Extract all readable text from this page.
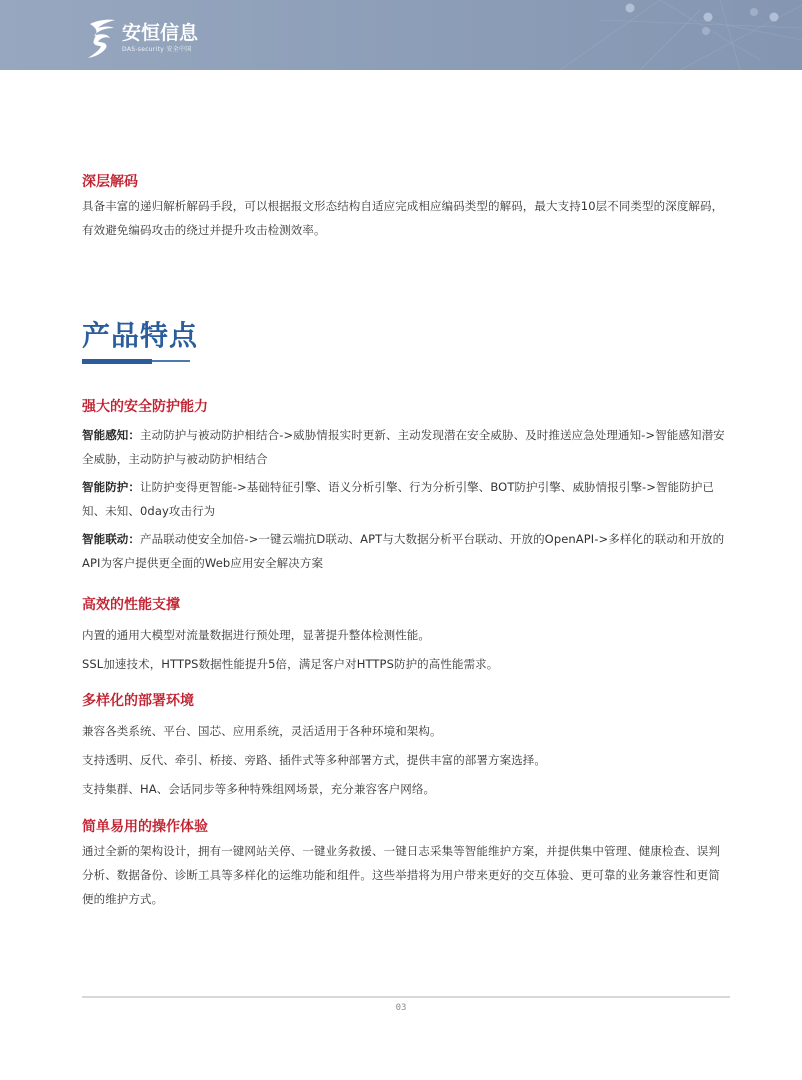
安恒信息
DAS-security 安全中国
深层解码

具备丰富的递归解析解码手段，可以根据报文形态结构自适应完成相应编码类型的解码，最大支持10层不同类型的深度解码，有效避免编码攻击的绕过并提升攻击检测效率。

产品特点
强大的安全防护能力

智能感知：主动防护与被动防护相结合->威胁情报实时更新、主动发现潜在安全威胁、及时推送应急处理通知->智能感知潜安全威胁，主动防护与被动防护相结合

智能防护：让防护变得更智能->基础特征引擎、语义分析引擎、行为分析引擎、BOT防护引擎、威胁情报引擎->智能防护已知、未知、0day攻击行为

智能联动：产品联动使安全加倍->一键云端抗D联动、APT与大数据分析平台联动、开放的OpenAPI->多样化的联动和开放的API为客户提供更全面的Web应用安全解决方案

高效的性能支撑

内置的通用大模型对流量数据进行预处理，显著提升整体检测性能。

SSL加速技术，HTTPS数据性能提升5倍，满足客户对HTTPS防护的高性能需求。

多样化的部署环境

兼容各类系统、平台、国芯、应用系统，灵活适用于各种环境和架构。

支持透明、反代、牵引、桥接、旁路、插件式等多种部署方式，提供丰富的部署方案选择。

支持集群、HA、会话同步等多种特殊组网场景，充分兼容客户网络。

简单易用的操作体验

通过全新的架构设计，拥有一键网站关停、一键业务救援、一键日志采集等智能维护方案，并提供集中管理、健康检查、误判分析、数据备份、诊断工具等多样化的运维功能和组件。这些举措将为用户带来更好的交互体验、更可靠的业务兼容性和更简便的维护方式。

03
